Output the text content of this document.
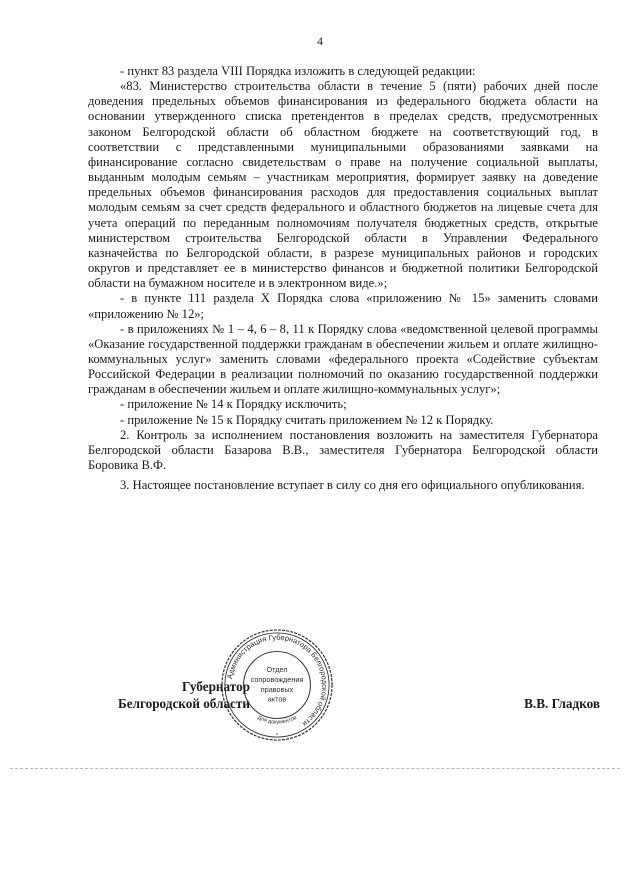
4

- пункт 83 раздела VIII Порядка изложить в следующей редакции:

«83. Министерство строительства области в течение 5 (пяти) рабочих дней после доведения предельных объемов финансирования из федерального бюджета области на основании утвержденного списка претендентов в пределах средств, предусмотренных законом Белгородской области об областном бюджете на соответствующий год, в соответствии с представленными муниципальными образованиями заявками на финансирование согласно свидетельствам о праве на получение социальной выплаты, выданным молодым семьям – участникам мероприятия, формирует заявку на доведение предельных объемов финансирования расходов для предоставления социальных выплат молодым семьям за счет средств федерального и областного бюджетов на лицевые счета для учета операций по переданным полномочиям получателя бюджетных средств, открытые министерством строительства Белгородской области в Управлении Федерального казначейства по Белгородской области, в разрезе муниципальных районов и городских округов и представляет ее в министерство финансов и бюджетной политики Белгородской области на бумажном носителе и в электронном виде.»;

- в пункте 111 раздела X Порядка слова «приложению № 15» заменить словами «приложению № 12»;

- в приложениях № 1 – 4, 6 – 8, 11 к Порядку слова «ведомственной целевой программы «Оказание государственной поддержки гражданам в обеспечении жильем и оплате жилищно-коммунальных услуг» заменить словами «федерального проекта «Содействие субъектам Российской Федерации в реализации полномочий по оказанию государственной поддержки гражданам в обеспечении жильем и оплате жилищно-коммунальных услуг»;

- приложение № 14 к Порядку исключить;

- приложение № 15 к Порядку считать приложением № 12 к Порядку.

2. Контроль за исполнением постановления возложить на заместителя Губернатора Белгородской области Базарова В.В., заместителя Губернатора Белгородской области Боровика В.Ф.

3. Настоящее постановление вступает в силу со дня его официального опубликования.

Губернатор
Белгородской области	В.В. Гладков
Администрация Губернатора Белгородской области
Для документов
Отдел
сопровождения
правовых
актов
*
